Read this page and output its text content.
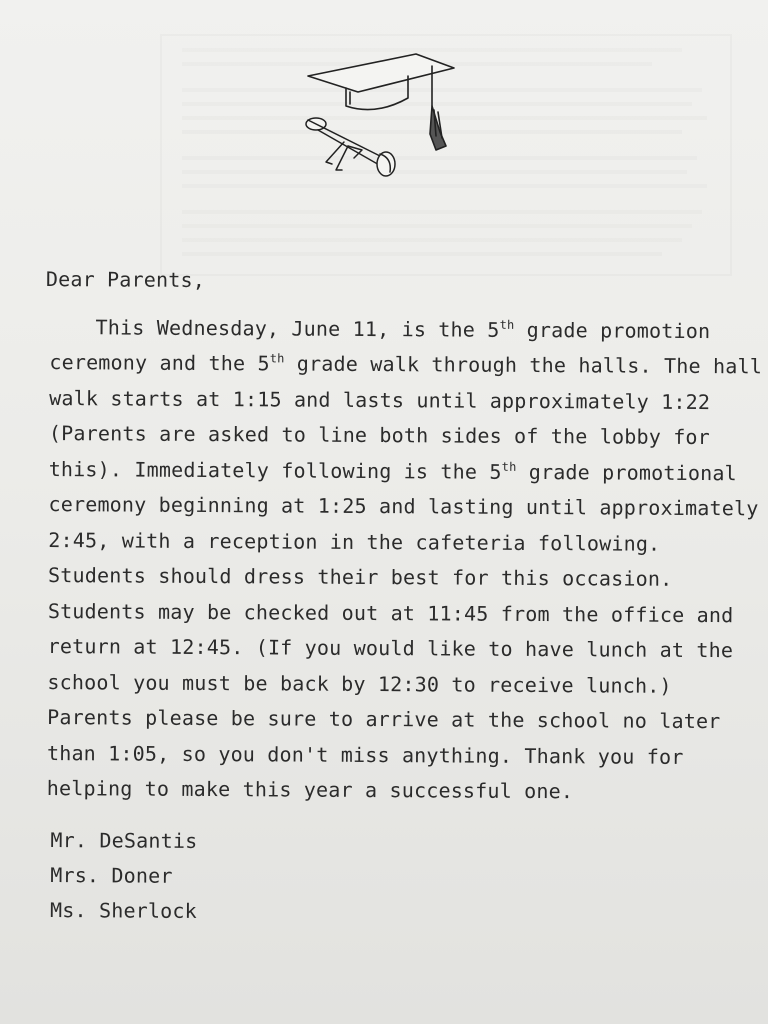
Dear Parents,

This Wednesday, June 11, is the 5th grade promotion
ceremony and the 5th grade walk through the halls. The hall
walk starts at 1:15 and lasts until approximately 1:22
(Parents are asked to line both sides of the lobby for
this). Immediately following is the 5th grade promotional
ceremony beginning at 1:25 and lasting until approximately
2:45, with a reception in the cafeteria following.
Students should dress their best for this occasion.
Students may be checked out at 11:45 from the office and
return at 12:45. (If you would like to have lunch at the
school you must be back by 12:30 to receive lunch.)
Parents please be sure to arrive at the school no later
than 1:05, so you don't miss anything. Thank you for
helping to make this year a successful one.

Mr. DeSantis

Mrs. Doner

Ms. Sherlock
